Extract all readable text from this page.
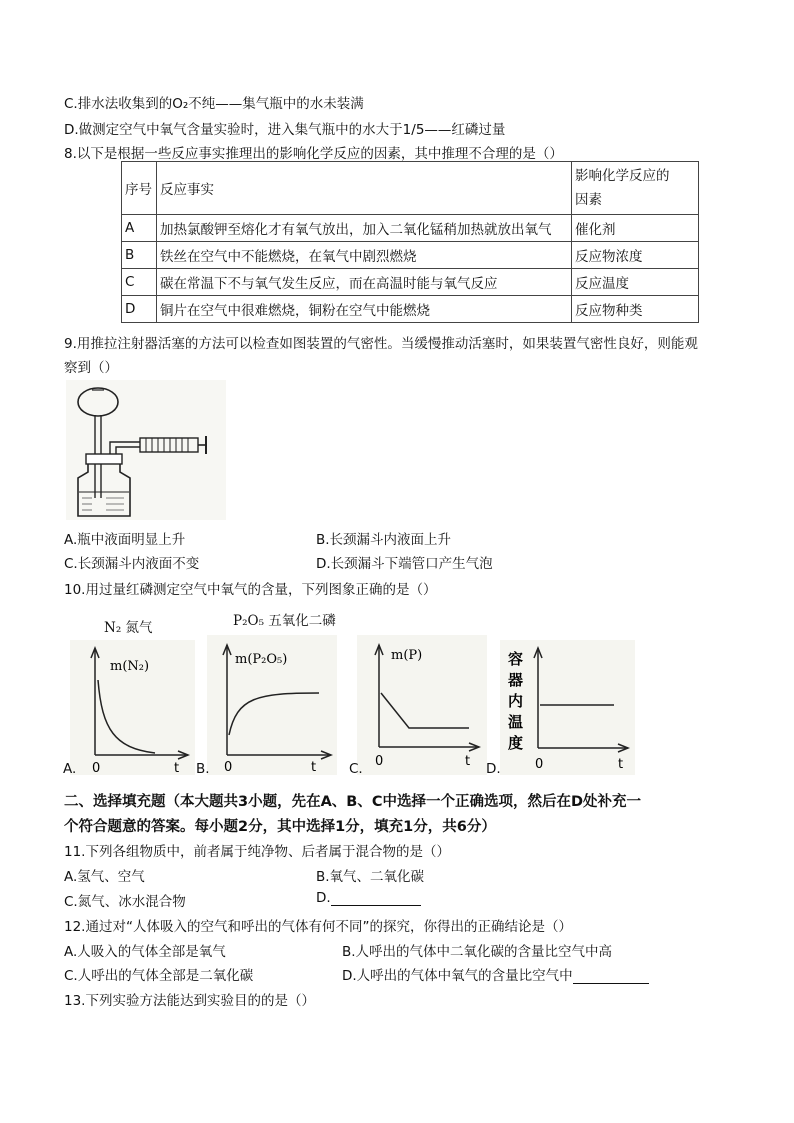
C.排水法收集到的O₂不纯——集气瓶中的水未装满
D.做测定空气中氧气含量实验时，进入集气瓶中的水大于1/5——红磷过量
8.以下是根据一些反应事实推理出的影响化学反应的因素，其中推理不合理的是（）
序号	反应事实	影响化学反应的
因素

A	加热氯酸钾至熔化才有氧气放出，加入二氧化锰稍加热就放出氧气	催化剂
B	铁丝在空气中不能燃烧，在氧气中剧烈燃烧	反应物浓度
C	碳在常温下不与氧气发生反应，而在高温时能与氧气反应	反应温度
D	铜片在空气中很难燃烧，铜粉在空气中能燃烧	反应物种类
9.用推拉注射器活塞的方法可以检查如图装置的气密性。当缓慢推动活塞时，如果装置气密性良好，则能观
察到（）
A.瓶中液面明显上升	B.长颈漏斗内液面上升
C.长颈漏斗内液面不变	D.长颈漏斗下端管口产生气泡
10.用过量红磷测定空气中氧气的含量，下列图象正确的是（）
N₂ 氮气	P₂O₅ 五氧化二磷
m(N₂)
0	t
A.
m(P₂O₅)
0	t
B.
m(P)
0	t
C.
容
器
内
温
度
0	t
D.
二、选择填充题（本大题共3小题，先在A、B、C中选择一个正确选项，然后在D处补充一
个符合题意的答案。每小题2分，其中选择1分，填充1分，共6分）
11.下列各组物质中，前者属于纯净物、后者属于混合物的是（）
A.氢气、空气	B.氧气、二氧化碳
C.氮气、冰水混合物	D.
12.通过对“人体吸入的空气和呼出的气体有何不同”的探究，你得出的正确结论是（）
A.人吸入的气体全部是氧气	B.人呼出的气体中二氧化碳的含量比空气中高
C.人呼出的气体全部是二氧化碳	D.人呼出的气体中氧气的含量比空气中
13.下列实验方法能达到实验目的的是（）
